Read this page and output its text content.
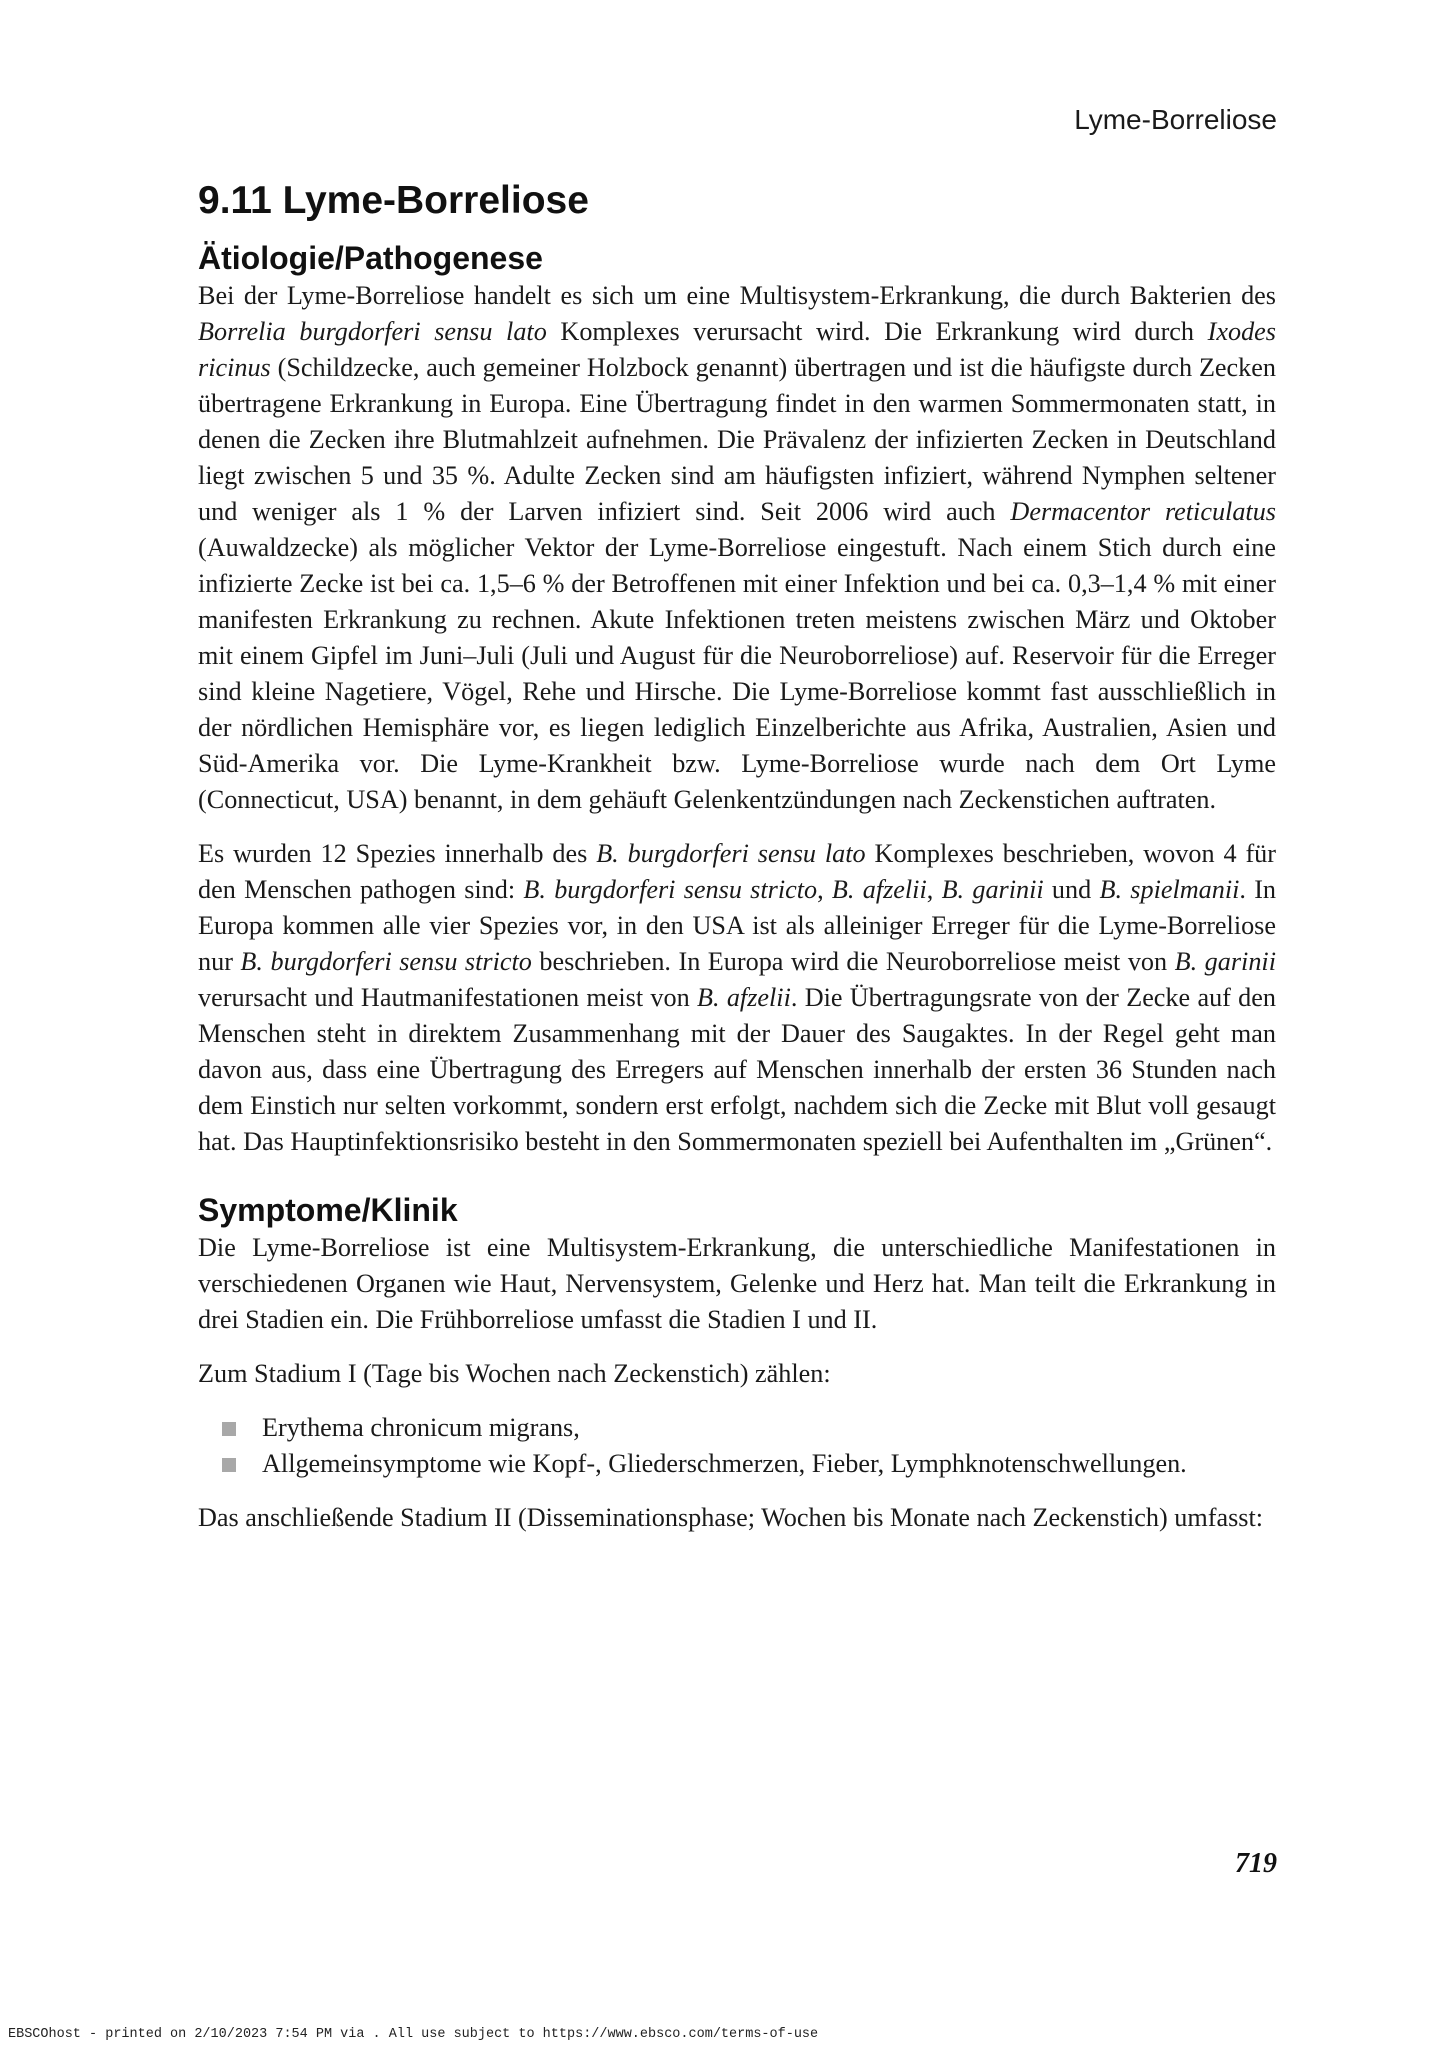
Lyme-Borreliose
9.11 Lyme-Borreliose
Ätiologie/Pathogenese

Bei der Lyme-Borreliose handelt es sich um eine Multisystem-Erkrankung, die durch Bakterien des Borrelia burgdorferi sensu lato Komplexes verursacht wird. Die Erkrankung wird durch Ixodes ricinus (Schildzecke, auch gemeiner Holzbock genannt) übertragen und ist die häufigste durch Zecken übertragene Erkrankung in Europa. Eine Übertragung findet in den warmen Sommermonaten statt, in denen die Zecken ihre Blutmahlzeit aufnehmen. Die Prävalenz der infizierten Zecken in Deutschland liegt zwischen 5 und 35 %. Adulte Zecken sind am häufigsten infiziert, während Nymphen seltener und weniger als 1 % der Larven infiziert sind. Seit 2006 wird auch Dermacentor reticulatus (Auwaldzecke) als möglicher Vektor der Lyme-Borreliose eingestuft. Nach einem Stich durch eine infizierte Zecke ist bei ca. 1,5–6 % der Betroffenen mit einer Infektion und bei ca. 0,3–1,4 % mit einer manifesten Erkrankung zu rechnen. Akute Infektionen treten meistens zwischen März und Oktober mit einem Gipfel im Juni–Juli (Juli und August für die Neuroborreliose) auf. Reservoir für die Erreger sind kleine Nagetiere, Vögel, Rehe und Hirsche. Die Lyme-Borreliose kommt fast ausschließlich in der nördlichen Hemisphäre vor, es liegen lediglich Einzelberichte aus Afrika, Australien, Asien und Süd-Amerika vor. Die Lyme-Krankheit bzw. Lyme-Borreliose wurde nach dem Ort Lyme (Connecticut, USA) benannt, in dem gehäuft Gelenkentzündungen nach Zeckenstichen auftraten.

Es wurden 12 Spezies innerhalb des B. burgdorferi sensu lato Komplexes beschrieben, wovon 4 für den Menschen pathogen sind: B. burgdorferi sensu stricto, B. afzelii, B. garinii und B. spielmanii. In Europa kommen alle vier Spezies vor, in den USA ist als alleiniger Erreger für die Lyme-Borreliose nur B. burgdorferi sensu stricto beschrieben. In Europa wird die Neuroborreliose meist von B. garinii verursacht und Hautmanifestationen meist von B. afzelii. Die Übertragungsrate von der Zecke auf den Menschen steht in direktem Zusammenhang mit der Dauer des Saugaktes. In der Regel geht man davon aus, dass eine Übertragung des Erregers auf Menschen innerhalb der ersten 36 Stunden nach dem Einstich nur selten vorkommt, sondern erst erfolgt, nachdem sich die Zecke mit Blut voll gesaugt hat. Das Hauptinfektionsrisiko besteht in den Sommermonaten speziell bei Aufenthalten im „Grünen“.

Symptome/Klinik

Die Lyme-Borreliose ist eine Multisystem-Erkrankung, die unterschiedliche Manifestationen in verschiedenen Organen wie Haut, Nervensystem, Gelenke und Herz hat. Man teilt die Erkrankung in drei Stadien ein. Die Frühborreliose umfasst die Stadien I und II.

Zum Stadium I (Tage bis Wochen nach Zeckenstich) zählen:

Erythema chronicum migrans,
Allgemeinsymptome wie Kopf-, Gliederschmerzen, Fieber, Lymphknotenschwellungen.

Das anschließende Stadium II (Disseminationsphase; Wochen bis Monate nach Zeckenstich) umfasst:

719
EBSCOhost - printed on 2/10/2023 7:54 PM via . All use subject to https://www.ebsco.com/terms-of-use
